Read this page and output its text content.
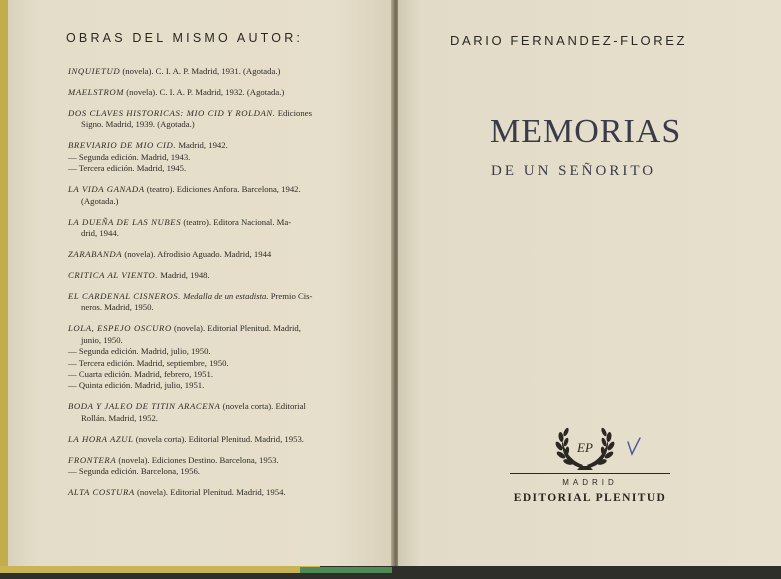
OBRAS DEL MISMO AUTOR:
INQUIETUD (novela). C. I. A. P. Madrid, 1931. (Agotada.)
MAELSTROM (novela). C. I. A. P. Madrid, 1932. (Agotada.)
DOS CLAVES HISTORICAS: MIO CID Y ROLDAN. Ediciones
Signo. Madrid, 1939. (Agotada.)
BREVIARIO DE MIO CID. Madrid, 1942.
— Segunda edición. Madrid, 1943.
— Tercera edición. Madrid, 1945.
LA VIDA GANADA (teatro). Ediciones Anfora. Barcelona, 1942.
(Agotada.)
LA DUEÑA DE LAS NUBES (teatro). Editora Nacional. Ma-
drid, 1944.
ZARABANDA (novela). Afrodisio Aguado. Madrid, 1944
CRITICA AL VIENTO. Madrid, 1948.
EL CARDENAL CISNEROS. Medalla de un estadista. Premio Cis-
neros. Madrid, 1950.
LOLA, ESPEJO OSCURO (novela). Editorial Plenitud. Madrid,
junio, 1950.
— Segunda edición. Madrid, julio, 1950.
— Tercera edición. Madrid, septiembre, 1950.
— Cuarta edición. Madrid, febrero, 1951.
— Quinta edición. Madrid, julio, 1951.
BODA Y JALEO DE TITIN ARACENA (novela corta). Editorial
Rollán. Madrid, 1952.
LA HORA AZUL (novela corta). Editorial Plenitud. Madrid, 1953.
FRONTERA (novela). Ediciones Destino. Barcelona, 1953.
— Segunda edición. Barcelona, 1956.
ALTA COSTURA (novela). Editorial Plenitud. Madrid, 1954.
DARIO FERNANDEZ-FLOREZ
MEMORIAS
DE UN SEÑORITO
EP
MADRID
EDITORIAL PLENITUD
